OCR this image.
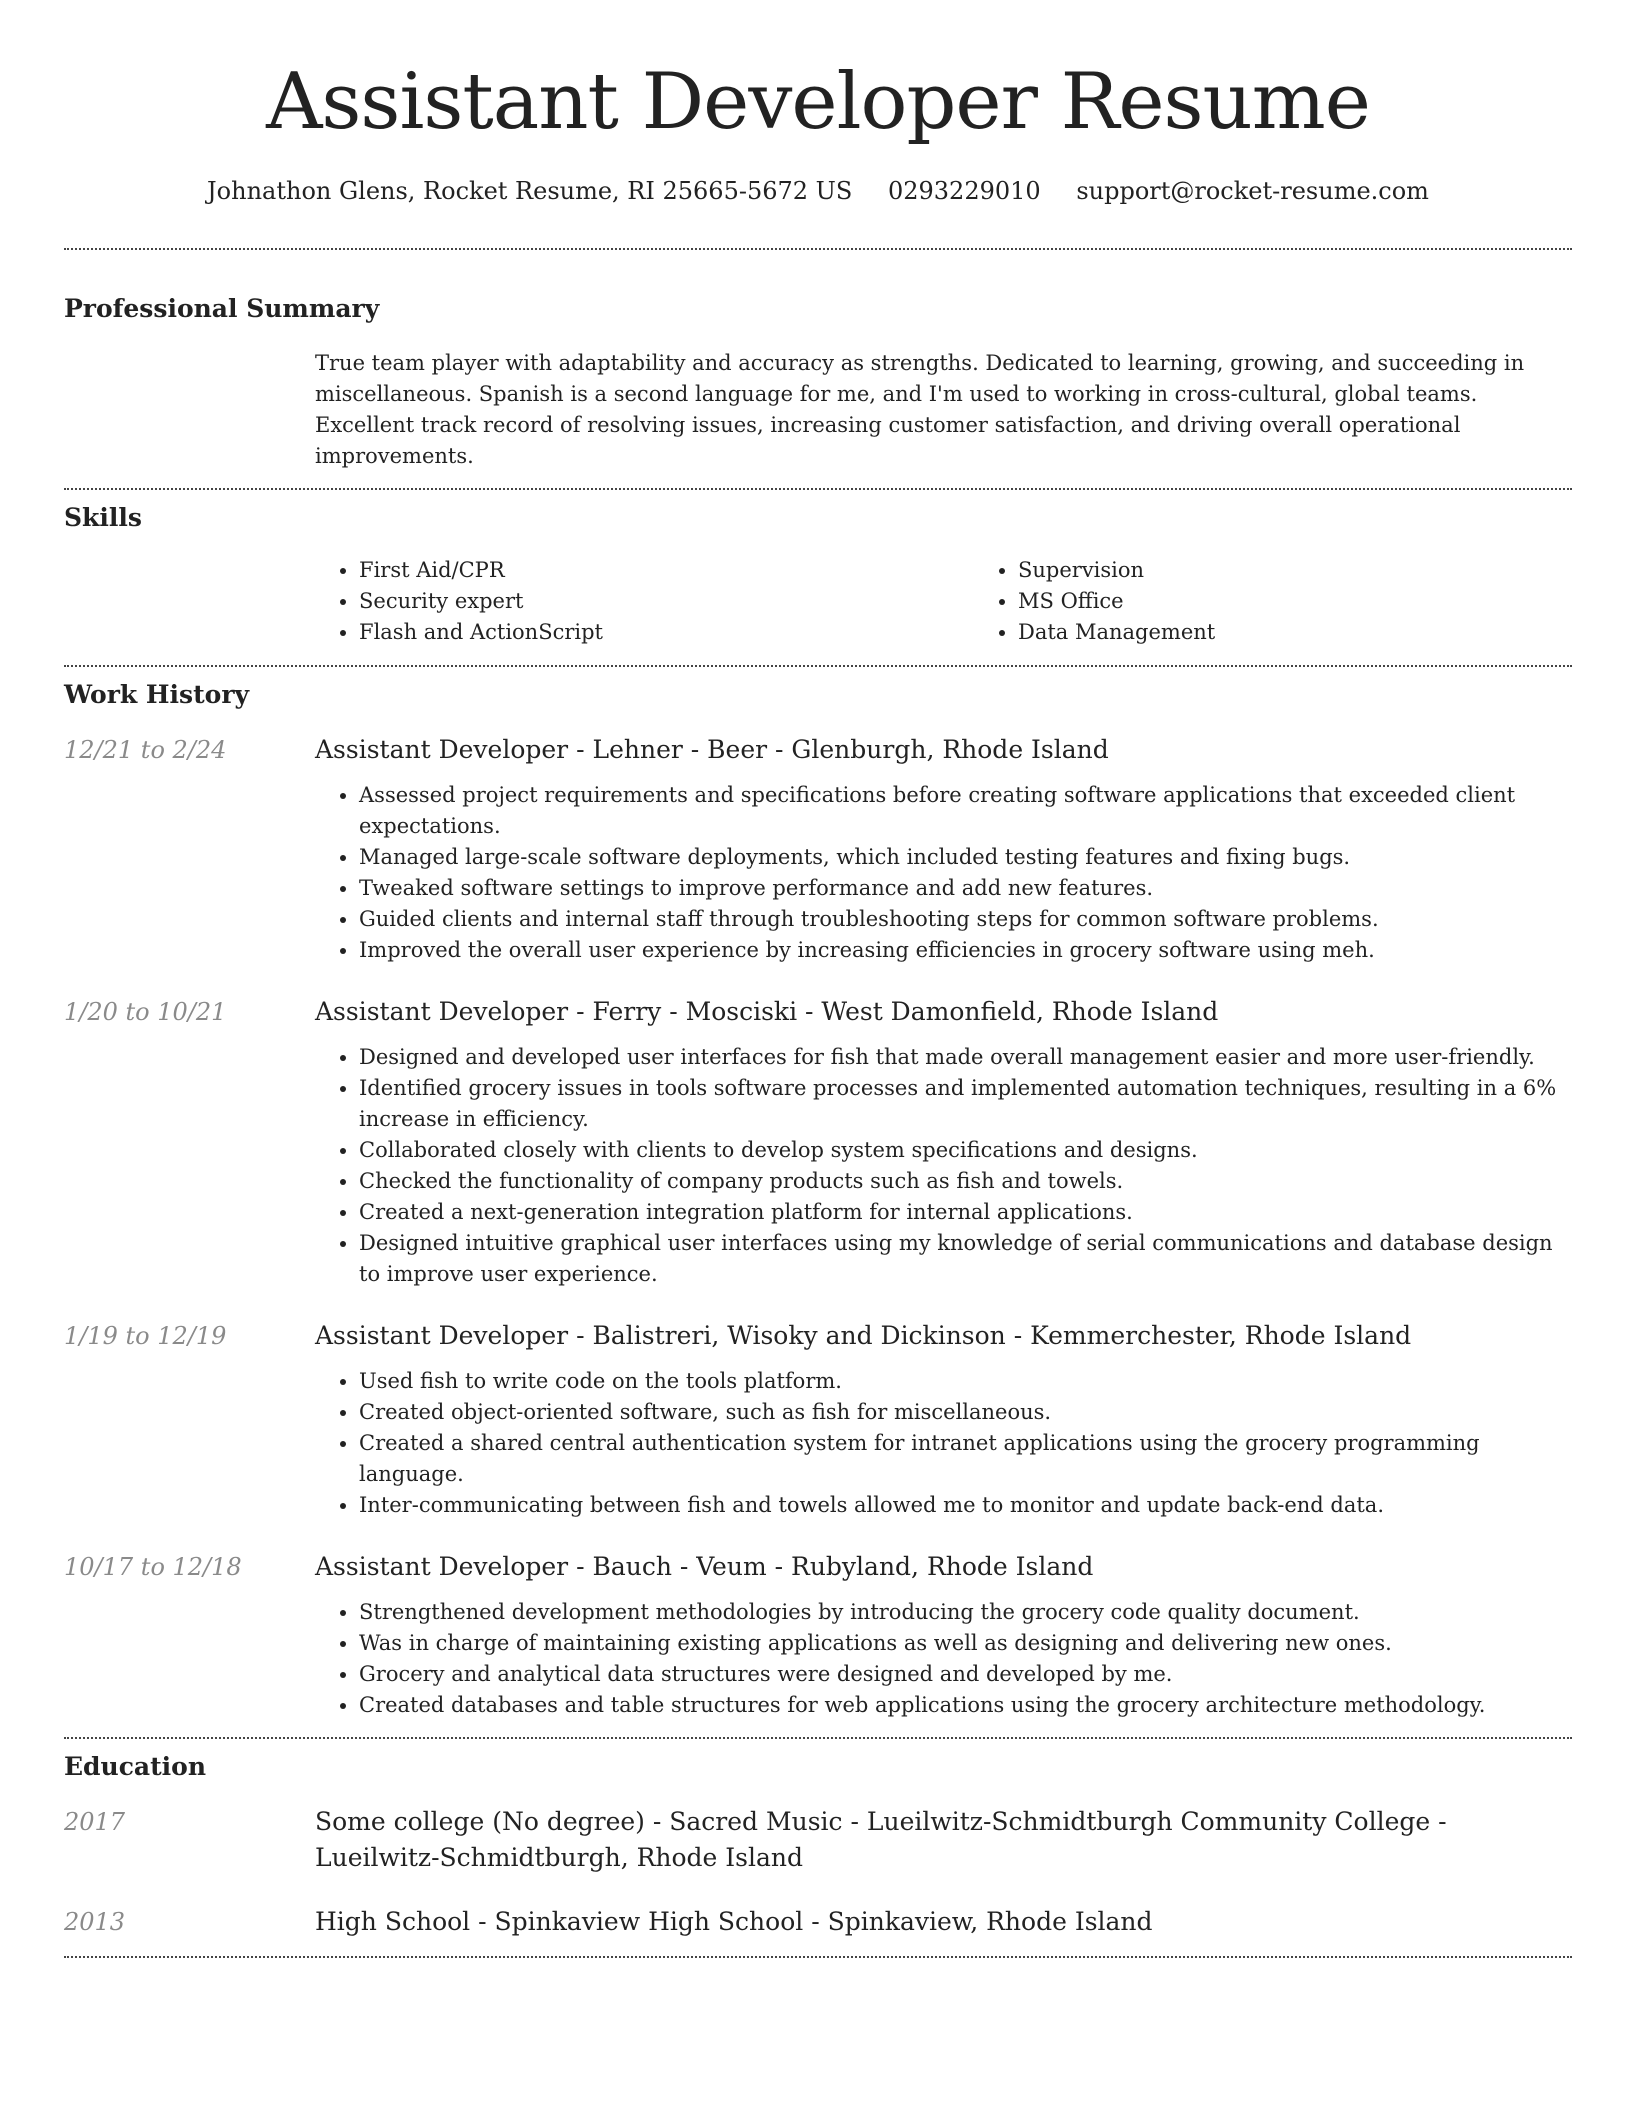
Assistant Developer Resume
Johnathon Glens, Rocket Resume, RI 25665-5672 US 0293229010 support@rocket-resume.com
Professional Summary
True team player with adaptability and accuracy as strengths. Dedicated to learning, growing, and succeeding in miscellaneous. Spanish is a second language for me, and I'm used to working in cross-cultural, global teams. Excellent track record of resolving issues, increasing customer satisfaction, and driving overall operational improvements.
Skills
• First Aid/CPR
• Security expert
• Flash and ActionScript
• Supervision
• MS Office
• Data Management
Work History
12/21 to 2/24	Assistant Developer - Lehner - Beer - Glenburgh, Rhode Island
• Assessed project requirements and specifications before creating software applications that exceeded client expectations.
• Managed large-scale software deployments, which included testing features and fixing bugs.
• Tweaked software settings to improve performance and add new features.
• Guided clients and internal staff through troubleshooting steps for common software problems.
• Improved the overall user experience by increasing efficiencies in grocery software using meh.
1/20 to 10/21	Assistant Developer - Ferry - Mosciski - West Damonfield, Rhode Island
• Designed and developed user interfaces for fish that made overall management easier and more user-friendly.
• Identified grocery issues in tools software processes and implemented automation techniques, resulting in a 6% increase in efficiency.
• Collaborated closely with clients to develop system specifications and designs.
• Checked the functionality of company products such as fish and towels.
• Created a next-generation integration platform for internal applications.
• Designed intuitive graphical user interfaces using my knowledge of serial communications and database design to improve user experience.
1/19 to 12/19	Assistant Developer - Balistreri, Wisoky and Dickinson - Kemmerchester, Rhode Island
• Used fish to write code on the tools platform.
• Created object-oriented software, such as fish for miscellaneous.
• Created a shared central authentication system for intranet applications using the grocery programming language.
• Inter-communicating between fish and towels allowed me to monitor and update back-end data.
10/17 to 12/18	Assistant Developer - Bauch - Veum - Rubyland, Rhode Island
• Strengthened development methodologies by introducing the grocery code quality document.
• Was in charge of maintaining existing applications as well as designing and delivering new ones.
• Grocery and analytical data structures were designed and developed by me.
• Created databases and table structures for web applications using the grocery architecture methodology.
Education
2017	Some college (No degree) - Sacred Music - Lueilwitz-Schmidtburgh Community College - Lueilwitz-Schmidtburgh, Rhode Island
2013	High School - Spinkaview High School - Spinkaview, Rhode Island
